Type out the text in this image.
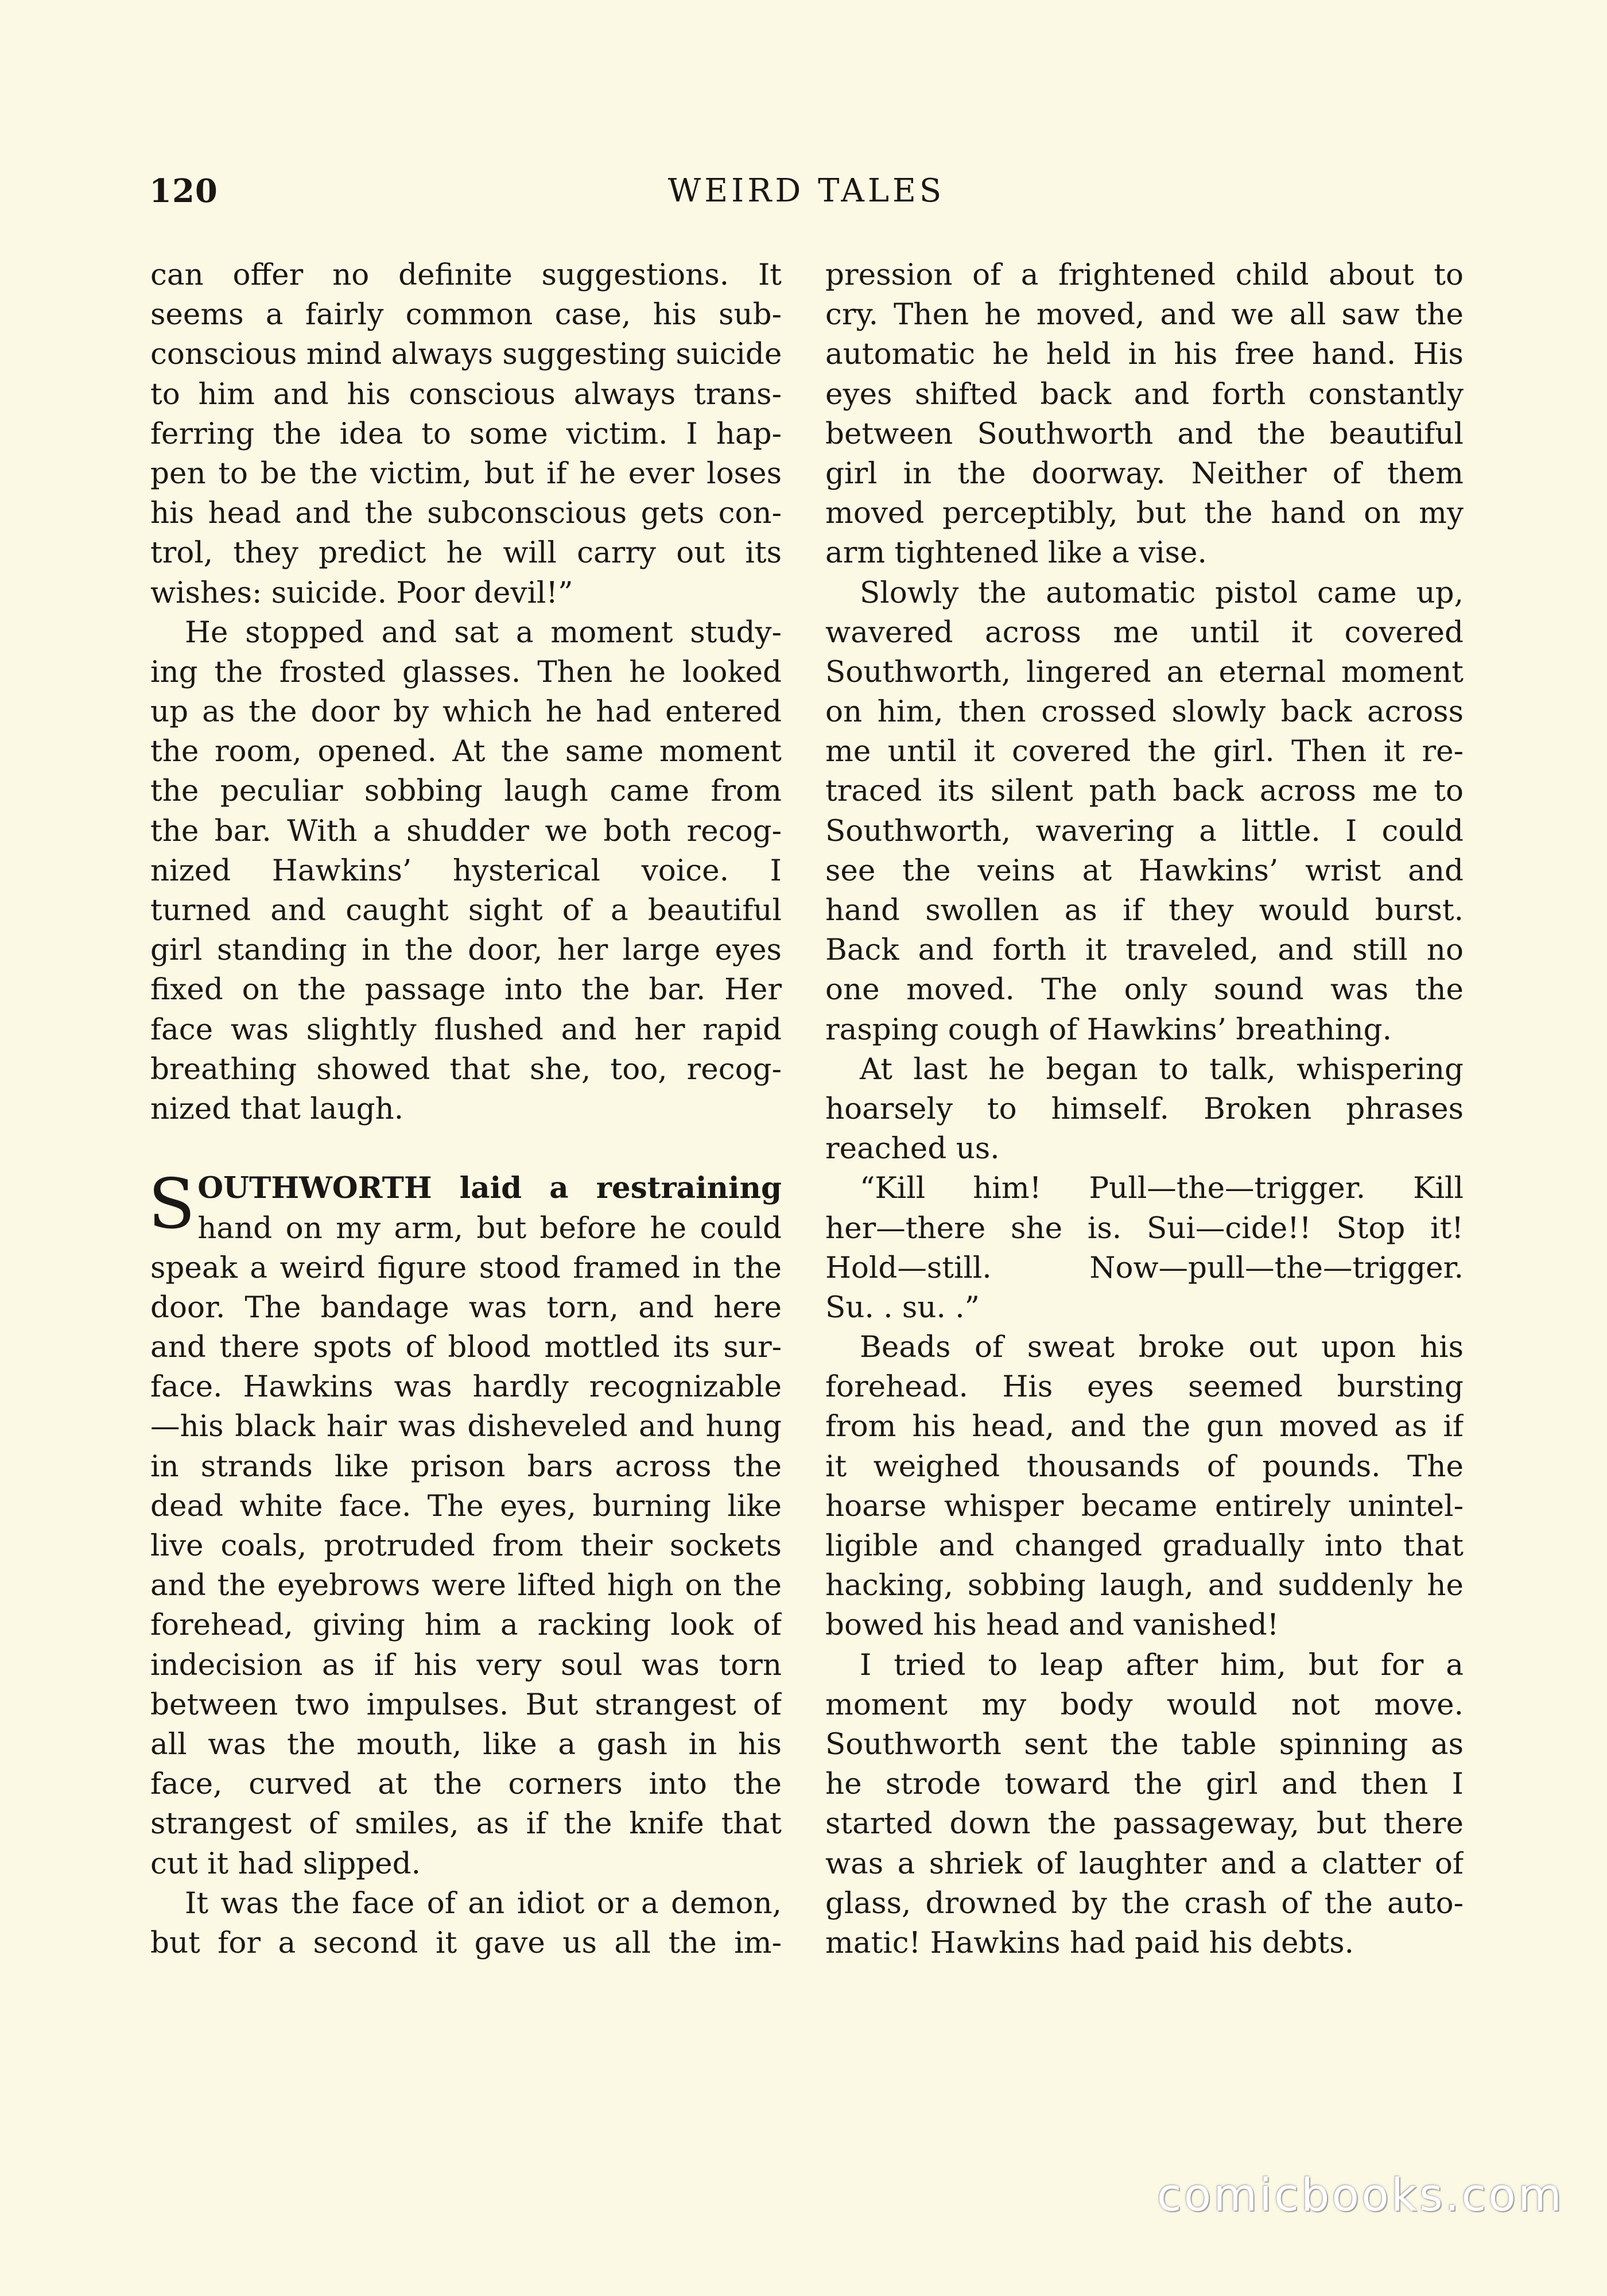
120	WEIRD TALES
can offer no definite suggestions. It
seems a fairly common case, his sub-
conscious mind always suggesting suicide
to him and his conscious always trans-
ferring the idea to some victim. I hap-
pen to be the victim, but if he ever loses
his head and the subconscious gets con-
trol, they predict he will carry out its
wishes: suicide. Poor devil!”
He stopped and sat a moment study-
ing the frosted glasses. Then he looked
up as the door by which he had entered
the room, opened. At the same moment
the peculiar sobbing laugh came from
the bar. With a shudder we both recog-
nized Hawkins’ hysterical voice. I
turned and caught sight of a beautiful
girl standing in the door, her large eyes
fixed on the passage into the bar. Her
face was slightly flushed and her rapid
breathing showed that she, too, recog-
nized that laugh.
S OUTHWORTH laid a restraining
hand on my arm, but before he could
speak a weird figure stood framed in the
door. The bandage was torn, and here
and there spots of blood mottled its sur-
face. Hawkins was hardly recognizable
—his black hair was disheveled and hung
in strands like prison bars across the
dead white face. The eyes, burning like
live coals, protruded from their sockets
and the eyebrows were lifted high on the
forehead, giving him a racking look of
indecision as if his very soul was torn
between two impulses. But strangest of
all was the mouth, like a gash in his
face, curved at the corners into the
strangest of smiles, as if the knife that
cut it had slipped.
It was the face of an idiot or a demon,
but for a second it gave us all the im-
pression of a frightened child about to
cry. Then he moved, and we all saw the
automatic he held in his free hand. His
eyes shifted back and forth constantly
between Southworth and the beautiful
girl in the doorway. Neither of them
moved perceptibly, but the hand on my
arm tightened like a vise.
Slowly the automatic pistol came up,
wavered across me until it covered
Southworth, lingered an eternal moment
on him, then crossed slowly back across
me until it covered the girl. Then it re-
traced its silent path back across me to
Southworth, wavering a little. I could
see the veins at Hawkins’ wrist and
hand swollen as if they would burst.
Back and forth it traveled, and still no
one moved. The only sound was the
rasping cough of Hawkins’ breathing.
At last he began to talk, whispering
hoarsely to himself. Broken phrases
reached us.
“Kill him! Pull—the—trigger. Kill
her—there she is. Sui—cide!! Stop it!
Hold—still. Now—pull—the—trigger.
Su. . su. .”
Beads of sweat broke out upon his
forehead. His eyes seemed bursting
from his head, and the gun moved as if
it weighed thousands of pounds. The
hoarse whisper became entirely unintel-
ligible and changed gradually into that
hacking, sobbing laugh, and suddenly he
bowed his head and vanished!
I tried to leap after him, but for a
moment my body would not move.
Southworth sent the table spinning as
he strode toward the girl and then I
started down the passageway, but there
was a shriek of laughter and a clatter of
glass, drowned by the crash of the auto-
matic! Hawkins had paid his debts.
comicbooks.com
